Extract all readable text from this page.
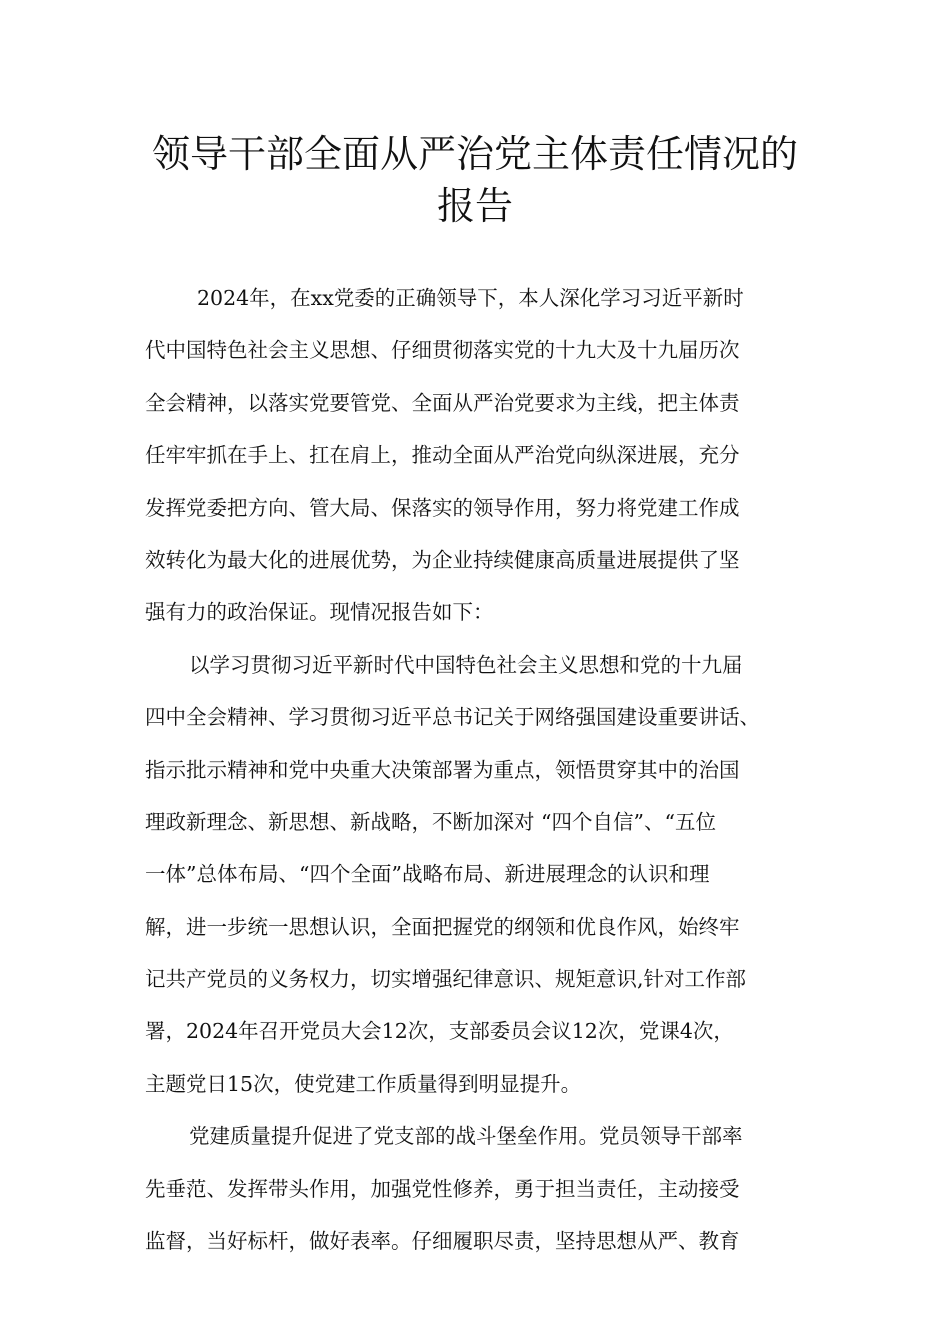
领导干部全面从严治党主体责任情况的
报告
2024年，在xx党委的正确领导下，本人深化学习习近平新时
代中国特色社会主义思想、仔细贯彻落实党的十九大及十九届历次
全会精神，以落实党要管党、全面从严治党要求为主线，把主体责
任牢牢抓在手上、扛在肩上，推动全面从严治党向纵深进展，充分
发挥党委把方向、管大局、保落实的领导作用，努力将党建工作成
效转化为最大化的进展优势，为企业持续健康高质量进展提供了坚
强有力的政治保证。现情况报告如下：
以学习贯彻习近平新时代中国特色社会主义思想和党的十九届
四中全会精神、学习贯彻习近平总书记关于网络强国建设重要讲话、
指示批示精神和党中央重大决策部署为重点，领悟贯穿其中的治国
理政新理念、新思想、新战略，不断加深对 “四个自信”、“五位
一体”总体布局、“四个全面”战略布局、新进展理念的认识和理
解，进一步统一思想认识，全面把握党的纲领和优良作风，始终牢
记共产党员的义务权力，切实增强纪律意识、规矩意识,针对工作部
署，2024年召开党员大会12次，支部委员会议12次，党课4次，
主题党日15次，使党建工作质量得到明显提升。
党建质量提升促进了党支部的战斗堡垒作用。党员领导干部率
先垂范、发挥带头作用，加强党性修养，勇于担当责任，主动接受
监督，当好标杆，做好表率。仔细履职尽责，坚持思想从严、教育
